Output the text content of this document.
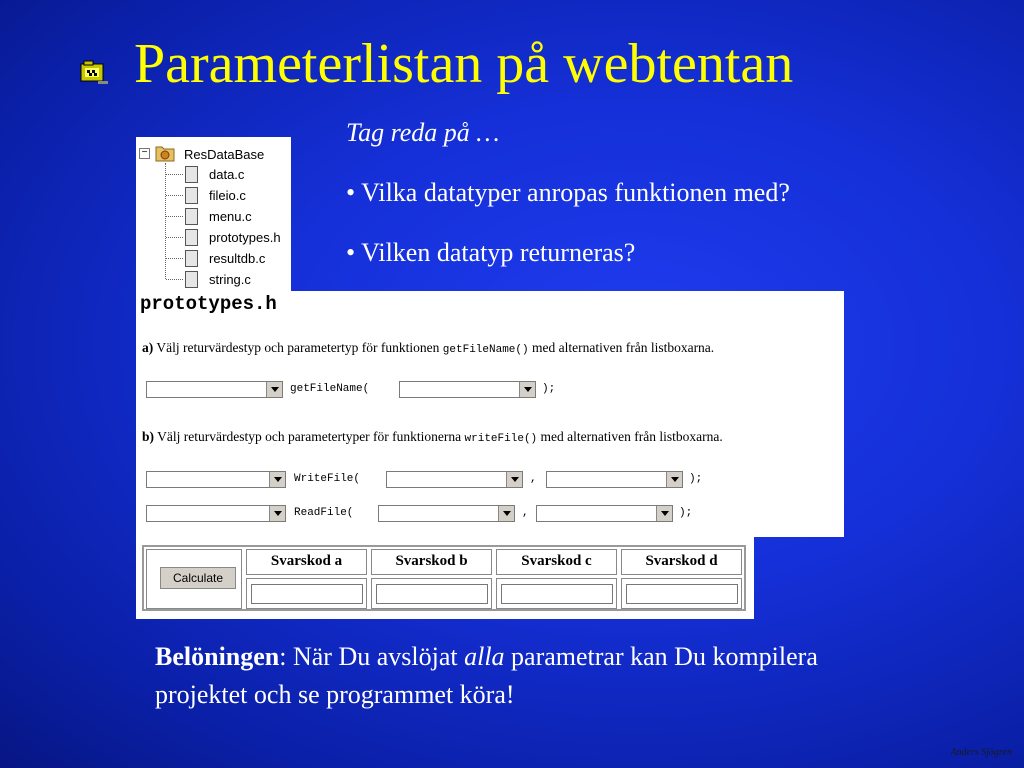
Parameterlistan på webtentan
Tag reda på …
• Vilka datatyper anropas funktionen med?
• Vilken datatyp returneras?
−	ResDataBase
data.c
fileio.c
menu.c
prototypes.h
resultdb.c
string.c
prototypes.h
a) Välj returvärdestyp och parametertyp för funktionen getFileName() med alternativen från listboxarna.
getFileName(	);
b) Välj returvärdestyp och parametertyper för funktionerna writeFile() med alternativen från listboxarna.
WriteFile(	,	);
ReadFile(	,	);
Calculate
Svarskod a	Svarskod b	Svarskod c	Svarskod d
Belöningen: När Du avslöjat alla parametrar kan Du kompilera projektet och se programmet köra!
Anders Sjögren
